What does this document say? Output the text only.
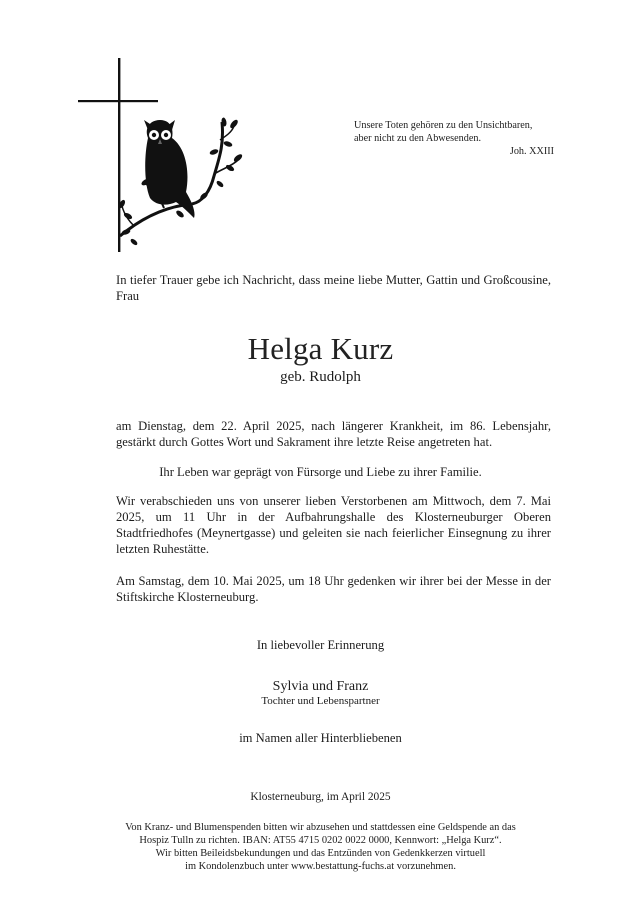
Unsere Toten gehören zu den Unsichtbaren,
aber nicht zu den Abwesenden.
Joh. XXIII
In tiefer Trauer gebe ich Nachricht, dass meine liebe Mutter, Gattin und Großcousine, Frau
Helga Kurz
geb. Rudolph
am Dienstag, dem 22. April 2025, nach längerer Krankheit, im 86. Lebensjahr, gestärkt durch Gottes Wort und Sakrament ihre letzte Reise angetreten hat.
Ihr Leben war geprägt von Fürsorge und Liebe zu ihrer Familie.
Wir verabschieden uns von unserer lieben Verstorbenen am Mittwoch, dem 7. Mai 2025, um 11 Uhr in der Aufbahrungshalle des Klosterneuburger Oberen Stadtfriedhofes (Meynertgasse) und geleiten sie nach feierlicher Einsegnung zu ihrer letzten Ruhestätte.
Am Samstag, dem 10. Mai 2025, um 18 Uhr gedenken wir ihrer bei der Messe in der Stiftskirche Klosterneuburg.
In liebevoller Erinnerung
Sylvia und Franz
Tochter und Lebenspartner
im Namen aller Hinterbliebenen
Klosterneuburg, im April 2025
Von Kranz- und Blumenspenden bitten wir abzusehen und stattdessen eine Geldspende an das
Hospiz Tulln zu richten. IBAN: AT55 4715 0202 0022 0000, Kennwort: „Helga Kurz“.
Wir bitten Beileidsbekundungen und das Entzünden von Gedenkkerzen virtuell
im Kondolenzbuch unter www.bestattung-fuchs.at vorzunehmen.
